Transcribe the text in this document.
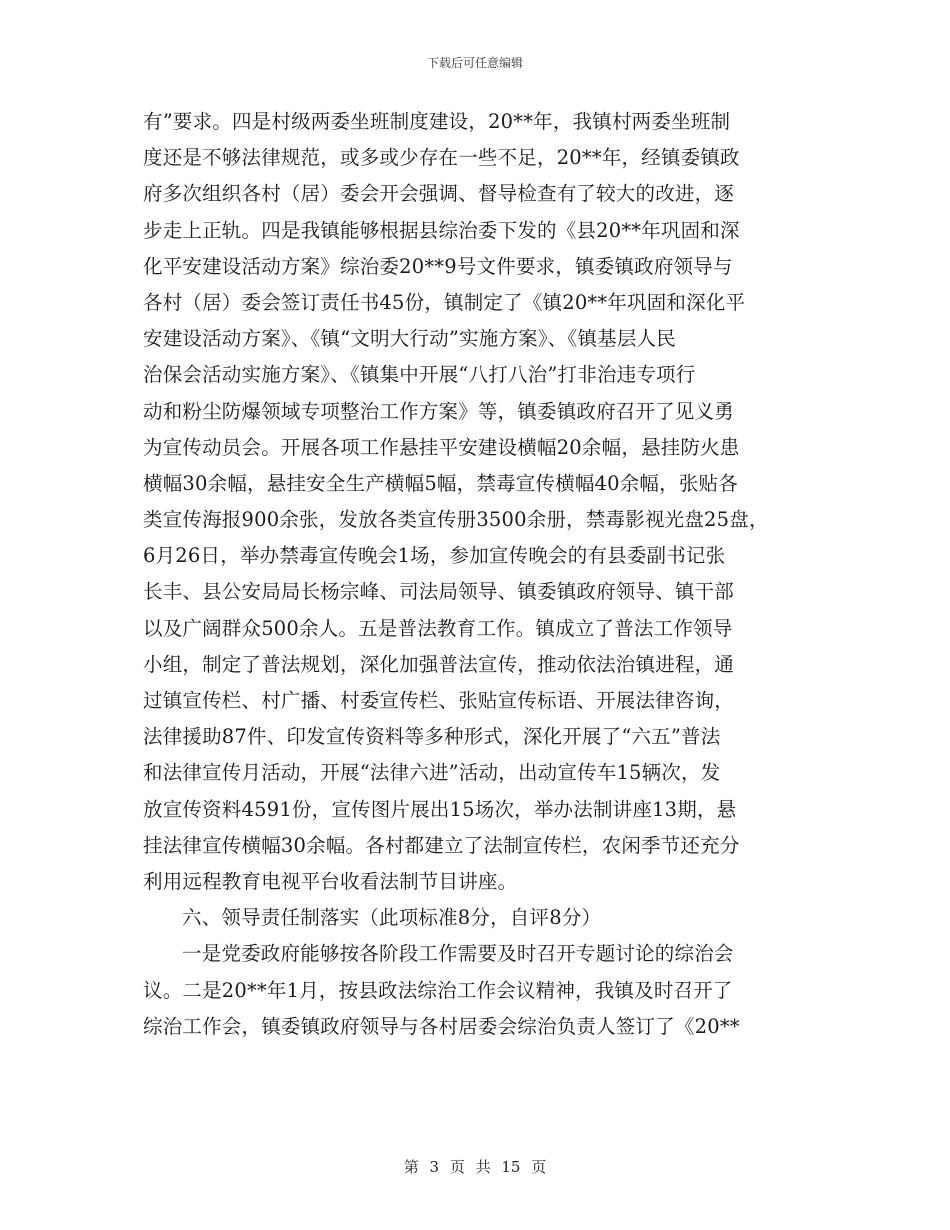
下载后可任意编辑
有”要求。四是村级两委坐班制度建设，20**年，我镇村两委坐班制
度还是不够法律规范，或多或少存在一些不足，20**年，经镇委镇政
府多次组织各村（居）委会开会强调、督导检查有了较大的改进，逐
步走上正轨。四是我镇能够根据县综治委下发的《县20**年巩固和深
化平安建设活动方案》综治委20**9号文件要求，镇委镇政府领导与
各村（居）委会签订责任书45份，镇制定了《镇20**年巩固和深化平
安建设活动方案》、《镇“文明大行动”实施方案》、《镇基层人民
治保会活动实施方案》、《镇集中开展“八打八治”打非治违专项行
动和粉尘防爆领域专项整治工作方案》等，镇委镇政府召开了见义勇
为宣传动员会。开展各项工作悬挂平安建设横幅20余幅，悬挂防火患
横幅30余幅，悬挂安全生产横幅5幅，禁毒宣传横幅40余幅，张贴各
类宣传海报900余张，发放各类宣传册3500余册，禁毒影视光盘25盘，
6月26日，举办禁毒宣传晚会1场，参加宣传晚会的有县委副书记张
长丰、县公安局局长杨宗峰、司法局领导、镇委镇政府领导、镇干部
以及广阔群众500余人。五是普法教育工作。镇成立了普法工作领导
小组，制定了普法规划，深化加强普法宣传，推动依法治镇进程，通
过镇宣传栏、村广播、村委宣传栏、张贴宣传标语、开展法律咨询，
法律援助87件、印发宣传资料等多种形式，深化开展了“六五”普法
和法律宣传月活动，开展“法律六进”活动，出动宣传车15辆次，发
放宣传资料4591份，宣传图片展出15场次，举办法制讲座13期，悬
挂法律宣传横幅30余幅。各村都建立了法制宣传栏，农闲季节还充分
利用远程教育电视平台收看法制节目讲座。
六、领导责任制落实（此项标准8分，自评8分）
一是党委政府能够按各阶段工作需要及时召开专题讨论的综治会
议。二是20**年1月，按县政法综治工作会议精神，我镇及时召开了
综治工作会，镇委镇政府领导与各村居委会综治负责人签订了《20**
第 3 页 共 15 页
